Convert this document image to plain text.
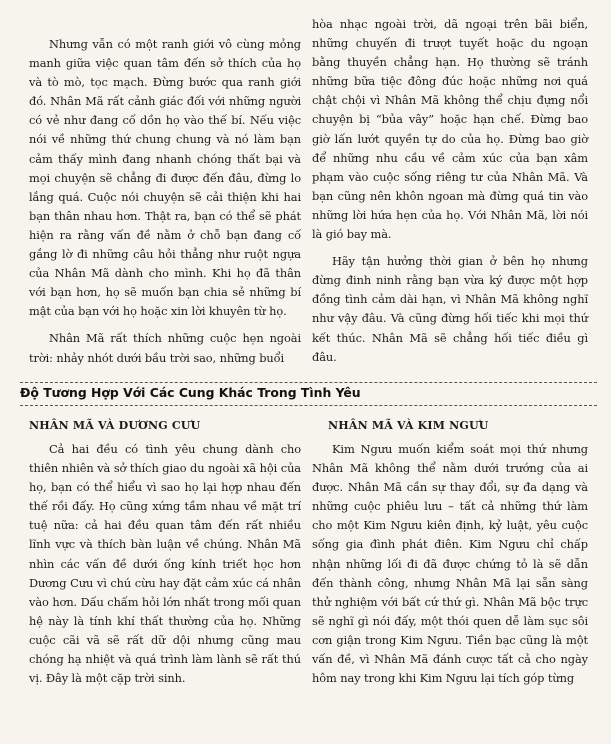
Nhưng vẫn có một ranh giới vô cùng mỏng manh giữa việc quan tâm đến sở thích của họ và tò mò, tọc mạch. Đừng bước qua ranh giới đó. Nhân Mã rất cảnh giác đối với những người có vẻ như đang cố dồn họ vào thế bí. Nếu việc nói về những thứ chung chung và nó làm bạn cảm thấy mình đang nhanh chóng thất bại và mọi chuyện sẽ chẳng đi được đến đâu, đừng lo lắng quá. Cuộc nói chuyện sẽ cải thiện khi hai bạn thân nhau hơn. Thật ra, bạn có thể sẽ phát hiện ra rằng vấn đề nằm ở chỗ bạn đang cố gắng lờ đi những câu hỏi thẳng như ruột ngựa của Nhân Mã dành cho mình. Khi họ đã thân với bạn hơn, họ sẽ muốn bạn chia sẻ những bí mật của bạn với họ hoặc xin lời khuyên từ họ.

Nhân Mã rất thích những cuộc hẹn ngoài trời: nhảy nhót dưới bầu trời sao, những buổi

hòa nhạc ngoài trời, dã ngoại trên bãi biển, những chuyến đi trượt tuyết hoặc du ngoạn bằng thuyền chẳng hạn. Họ thường sẽ tránh những bữa tiệc đông đúc hoặc những nơi quá chật chội vì Nhân Mã không thể chịu đựng nổi chuyện bị “bủa vây” hoặc hạn chế. Đừng bao giờ lấn lướt quyền tự do của họ. Đừng bao giờ để những nhu cầu về cảm xúc của bạn xâm phạm vào cuộc sống riêng tư của Nhân Mã. Và bạn cũng nên khôn ngoan mà đừng quá tin vào những lời hứa hẹn của họ. Với Nhân Mã, lời nói là gió bay mà.

Hãy tận hưởng thời gian ở bên họ nhưng đừng đinh ninh rằng bạn vừa ký được một hợp đồng tình cảm dài hạn, vì Nhân Mã không nghĩ như vậy đâu. Và cũng đừng hối tiếc khi mọi thứ kết thúc. Nhân Mã sẽ chẳng hối tiếc điều gì đâu.

Độ Tương Hợp Với Các Cung Khác Trong Tình Yêu
NHÂN MÃ VÀ DƯƠNG CƯU

Cả hai đều có tình yêu chung dành cho thiên nhiên và sở thích giao du ngoài xã hội của họ, bạn có thể hiểu vì sao họ lại hợp nhau đến thế rồi đấy. Họ cũng xứng tầm nhau về mặt trí tuệ nữa: cả hai đều quan tâm đến rất nhiều lĩnh vực và thích bàn luận về chúng. Nhân Mã nhìn các vấn đề dưới ống kính triết học hơn Dương Cưu vì chú cừu hay đặt cảm xúc cá nhân vào hơn. Dấu chấm hỏi lớn nhất trong mối quan hệ này là tính khí thất thường của họ. Những cuộc cãi vã sẽ rất dữ dội nhưng cũng mau chóng hạ nhiệt và quá trình làm lành sẽ rất thú vị. Đây là một cặp trời sinh.

NHÂN MÃ VÀ KIM NGƯU

Kim Ngưu muốn kiểm soát mọi thứ nhưng Nhân Mã không thể nằm dưới trướng của ai được. Nhân Mã cần sự thay đổi, sự đa dạng và những cuộc phiêu lưu – tất cả những thứ làm cho một Kim Ngưu kiên định, kỷ luật, yêu cuộc sống gia đình phát điên. Kim Ngưu chỉ chấp nhận những lối đi đã được chứng tỏ là sẽ dẫn đến thành công, nhưng Nhân Mã lại sẵn sàng thử nghiệm với bất cứ thứ gì. Nhân Mã bộc trực sẽ nghĩ gì nói đấy, một thói quen dễ làm sục sôi cơn giận trong Kim Ngưu. Tiền bạc cũng là một vấn đề, vì Nhân Mã đánh cược tất cả cho ngày hôm nay trong khi Kim Ngưu lại tích góp từng
